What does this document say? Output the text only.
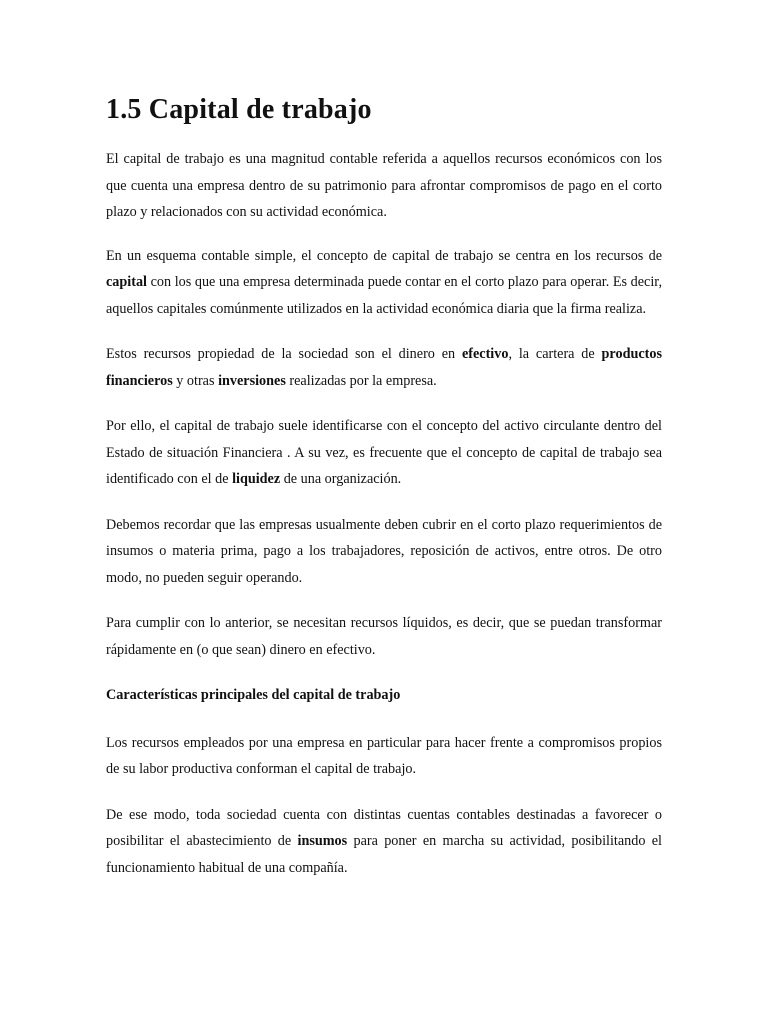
1.5 Capital de trabajo

El capital de trabajo es una magnitud contable referida a aquellos recursos económicos con los que cuenta una empresa dentro de su patrimonio para afrontar compromisos de pago en el corto plazo y relacionados con su actividad económica.

En un esquema contable simple, el concepto de capital de trabajo se centra en los recursos de capital con los que una empresa determinada puede contar en el corto plazo para operar. Es decir, aquellos capitales comúnmente utilizados en la actividad económica diaria que la firma realiza.

Estos recursos propiedad de la sociedad son el dinero en efectivo, la cartera de productos financieros y otras inversiones realizadas por la empresa.

Por ello, el capital de trabajo suele identificarse con el concepto del activo circulante dentro del Estado de situación Financiera . A su vez, es frecuente que el concepto de capital de trabajo sea identificado con el de liquidez de una organización.

Debemos recordar que las empresas usualmente deben cubrir en el corto plazo requerimientos de insumos o materia prima, pago a los trabajadores, reposición de activos, entre otros. De otro modo, no pueden seguir operando.

Para cumplir con lo anterior, se necesitan recursos líquidos, es decir, que se puedan transformar rápidamente en (o que sean) dinero en efectivo.

Características principales del capital de trabajo

Los recursos empleados por una empresa en particular para hacer frente a compromisos propios de su labor productiva conforman el capital de trabajo.

De ese modo, toda sociedad cuenta con distintas cuentas contables destinadas a favorecer o posibilitar el abastecimiento de insumos para poner en marcha su actividad, posibilitando el funcionamiento habitual de una compañía.
